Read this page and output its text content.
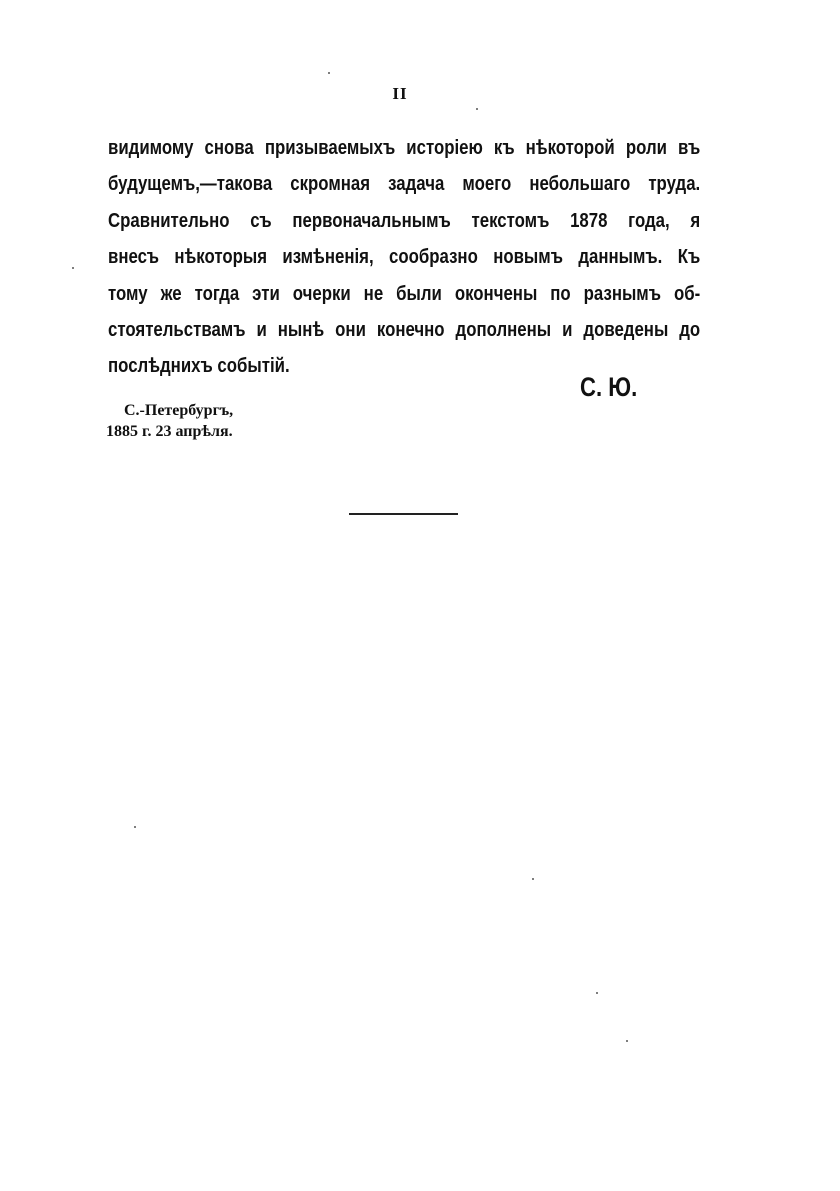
II
видимому снова призываемыхъ исторіею къ нѣкоторой роли въ
будущемъ,—такова скромная задача моего небольшаго труда.
Сравнительно съ первоначальнымъ текстомъ 1878 года, я
внесъ нѣкоторыя измѣненія, сообразно новымъ даннымъ. Къ
тому же тогда эти очерки не были окончены по разнымъ об-
стоятельствамъ и нынѣ они конечно дополнены и доведены до
послѣднихъ событій.
С. Ю.
С.-Петербургъ,
1885 г. 23 апрѣля.
